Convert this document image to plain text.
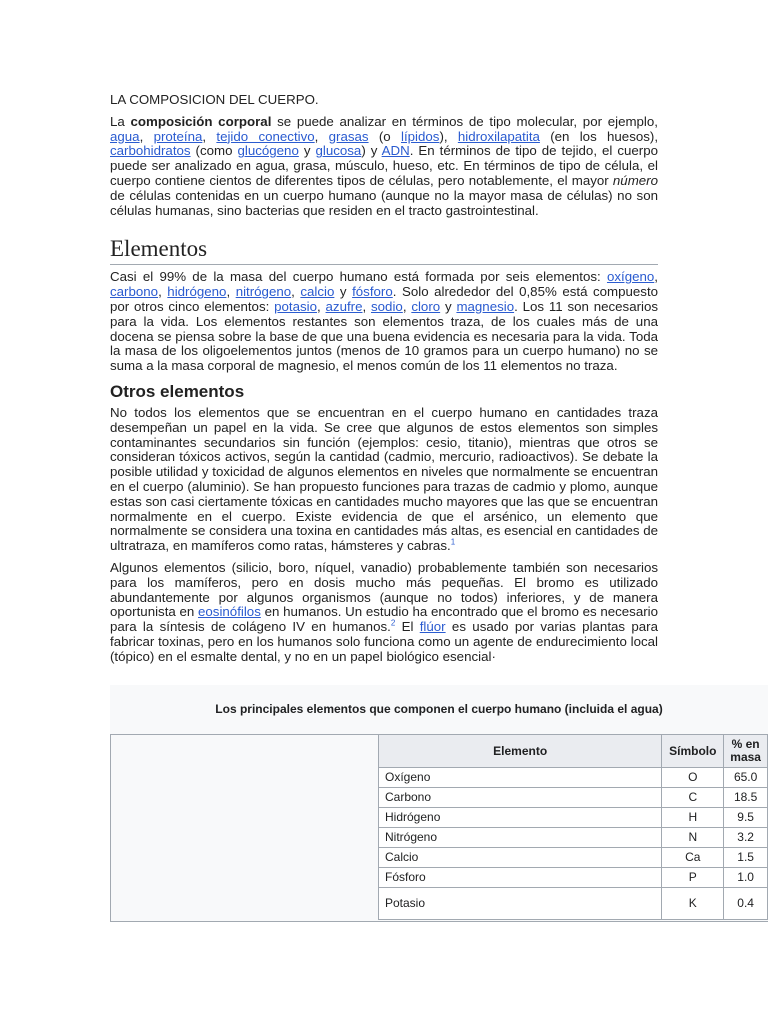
LA COMPOSICION DEL CUERPO.

La composición corporal se puede analizar en términos de tipo molecular, por ejemplo, agua, proteína, tejido conectivo, grasas (o lípidos), hidroxilapatita (en los huesos), carbohidratos (como glucógeno y glucosa) y ADN. En términos de tipo de tejido, el cuerpo puede ser analizado en agua, grasa, músculo, hueso, etc. En términos de tipo de célula, el cuerpo contiene cientos de diferentes tipos de células, pero notablemente, el mayor número de células contenidas en un cuerpo humano (aunque no la mayor masa de células) no son células humanas, sino bacterias que residen en el tracto gastrointestinal.

Elementos

Casi el 99% de la masa del cuerpo humano está formada por seis elementos: oxígeno, carbono, hidrógeno, nitrógeno, calcio y fósforo. Solo alrededor del 0,85% está compuesto por otros cinco elementos: potasio, azufre, sodio, cloro y magnesio. Los 11 son necesarios para la vida. Los elementos restantes son elementos traza, de los cuales más de una docena se piensa sobre la base de que una buena evidencia es necesaria para la vida. Toda la masa de los oligoelementos juntos (menos de 10 gramos para un cuerpo humano) no se suma a la masa corporal de magnesio, el menos común de los 11 elementos no traza.

Otros elementos

No todos los elementos que se encuentran en el cuerpo humano en cantidades traza desempeñan un papel en la vida. Se cree que algunos de estos elementos son simples contaminantes secundarios sin función (ejemplos: cesio, titanio), mientras que otros se consideran tóxicos activos, según la cantidad (cadmio, mercurio, radioactivos). Se debate la posible utilidad y toxicidad de algunos elementos en niveles que normalmente se encuentran en el cuerpo (aluminio). Se han propuesto funciones para trazas de cadmio y plomo, aunque estas son casi ciertamente tóxicas en cantidades mucho mayores que las que se encuentran normalmente en el cuerpo. Existe evidencia de que el arsénico, un elemento que normalmente se considera una toxina en cantidades más altas, es esencial en cantidades de ultratraza, en mamíferos como ratas, hámsteres y cabras.$^1$

Algunos elementos (silicio, boro, níquel, vanadio) probablemente también son necesarios para los mamíferos, pero en dosis mucho más pequeñas. El bromo es utilizado abundantemente por algunos organismos (aunque no todos) inferiores, y de manera oportunista en eosinófilos en humanos. Un estudio ha encontrado que el bromo es necesario para la síntesis de colágeno IV en humanos.$^2$ El flúor es usado por varias plantas para fabricar toxinas, pero en los humanos solo funciona como un agente de endurecimiento local (tópico) en el esmalte dental, y no en un papel biológico esencial·

Los principales elementos que componen el cuerpo humano (incluida el agua)
Elemento	Símbolo	% en masa
Oxígeno	O	65.0
Carbono	C	18.5
Hidrógeno	H	9.5
Nitrógeno	N	3.2
Calcio	Ca	1.5
Fósforo	P	1.0
Potasio	K	0.4
